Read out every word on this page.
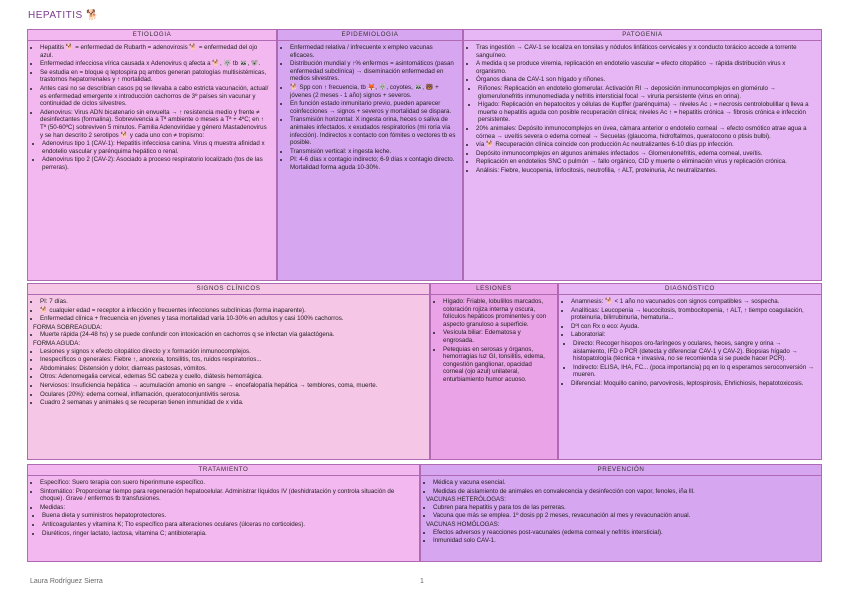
HEPATITIS 🐕
ETIOLOGIA
• Hepatitis 🐕 = enfermedad de Rubarth = adenovirosis 🐕 = enfermedad del ojo azul.
• Enfermedad infecciosa vírica causada x Adenovirus q afecta a 🐕, 🐺 tb 🦝, 🐨.
• Se estudia en = bloque q leptospira pq ambos generan patologías multisistémicas, trastornos hepatorrenales y ↑ mortalidad.
• Antes casi no se describían casos pq se llevaba a cabo estricta vacunación, actual/ es enfermedad emergente x introducción cachorros de 3º países sin vacunar y continuidad de ciclos silvestres.
• Adenovirus: Virus ADN bicatenario sin envuelta → ↑ resistencia medio y frente ≠ desinfectantes (formalina). Sobrevivencia a Tª ambiente o meses a Tª + 4ºC; en ↑ Tª (50-60ºC) sobreviven 5 minutos. Familia Adenoviridae y género Mastadenovirus y se han descrito 2 serotipos 🐕 y cada uno con ≠ tropismo:
• Adenovirus tipo 1 (CAV-1): Hepatitis infecciosa canina. Virus q muestra afinidad x endotelio vascular y parénquima hepático o renal.
• Adenovirus tipo 2 (CAV-2): Asociado a proceso respiratorio localizado (tos de las perreras).
EPIDEMIOLOGIA
• Enfermedad relativa / infrecuente x empleo vacunas eficaces.
• Distribución mundial y ↑% enfermos = asintomáticos (pasan enfermedad subclínica) → diseminación enfermedad en medios silvestres.
• 🐕 Spp con ↑ frecuencia, tb 🦊, 🐺, coyotes, 🦝, 🐻 + jóvenes (2 meses - 1 año) signos + severos.
• En función estado inmunitario previo, pueden aparecer coinfecciones → signos + severos y mortalidad se dispara.
• Transmisión horizontal: X ingesta orina, heces o saliva de animales infectados. x exudados respiratorios (mi roría vía infección). Indirectos x contacto con fómites o vectores tb es posible.
• Transmisión vertical: x ingesta leche.
• PI: 4-6 días x contagio indirecto; 6-9 días x contagio directo. Mortalidad forma aguda 10-30%.
PATOGENIA
• Tras ingestión → CAV-1 se localiza en tonsilas y nódulos linfáticos cervicales y x conducto torácico accede a torrente sanguíneo.
• A medida q se produce viremia, replicación en endotelio vascular = efecto citopático → rápida distribución virus x organismo.
• Órganos diana de CAV-1 son hígado y riñones.
• Riñones: Replicación en endotelio glomerular. Activación RI → deposición inmunocomplejos en glomérulo → glomerulonefritis inmunomediada y nefritis intersticial focal → viruria persistente (virus en orina).
• Hígado: Replicación en hepatocitos y células de Kupffer (parénquima) → niveles Ac ↓ = necrosis centrolobulillar q lleva a muerte o hepatitis aguda con posible recuperación clínica; niveles Ac ↑ = hepatitis crónica → fibrosis crónica e infección persistente.
• 20% animales: Depósito inmunocomplejos en úvea, cámara anterior o endotelio corneal → efecto osmótico atrae agua a córnea → uveítis severa o edema corneal → Secuelas (glaucoma, hidroftalmos, queratocono o ptisis bulbi).
• vía 🐕 Recuperación clínica coincide con producción Ac neutralizantes 6-10 días pp infección.
• Depósito inmunocomplejos en algunos animales infectados → Glomerulonefritis, edema corneal, uveítis.
• Replicación en endotelios SNC o pulmón → fallo orgánico, CID y muerte o eliminación virus y replicación crónica.
• Análisis: Fiebre, leucopenia, linfocitosis, neutrofilia, ↑ ALT, proteinuria, Ac neutralizantes.
SIGNOS CLÍNICOS
• PI: 7 días.
• 🐕 cualquier edad = receptor a infección y frecuentes infecciones subclínicas (forma inaparente).
• Enfermedad clínica + frecuencia en jóvenes y tasa mortalidad varía 10-30% en adultos y casi 100% cachorros.
FORMA SOBREAGUDA:
• Muerte rápida (24-48 hs) y se puede confundir con intoxicación en cachorros q se infectan vía galactógena.
FORMA AGUDA:
• Lesiones y signos x efecto citopático directo y x formación inmunocomplejos.
• Inespecíficos o generales: Fiebre ↑, anorexia, tonsilitis, tos, ruidos respiratorios...
• Abdominales: Distensión y dolor, diarreas pastosas, vómitos.
• Otros: Adenomegalia cervical, edemas SC cabeza y cuello, diátesis hemorrágica.
• Nerviosos: Insuficiencia hepática → acumulación amonio en sangre → encefalopatía hepática → temblores, coma, muerte.
• Oculares (20%): edema corneal, inflamación, queratoconjuntivitis serosa.
• Cuadro 2 semanas y animales q se recuperan tienen inmunidad de x vida.
LESIONES
• Hígado: Friable, lobulillos marcados, coloración rojiza interna y oscura, folículos hepáticos prominentes y con aspecto granuloso a superficie.
• Vesícula biliar: Edematosa y engrosada.
• Petequias en serosas y órganos, hemorragias luz GI, tonsilitis, edema, congestión ganglionar, opacidad corneal (ojo azul) unilateral, enturbiamiento humor acuoso.
DIAGNÓSTICO
• Anamnesis: 🐕 < 1 año no vacunados con signos compatibles → sospecha.
• Analíticas: Leucopenia → leucocitosis, trombocitopenia, ↑ ALT, ↑ tiempo coagulación, proteinuria, bilirrubinuria, hematuria...
• Dºl con Rx o eco: Ayuda.
• Laboratorial:
• Directo: Recoger hisopos oro-faríngeos y oculares, heces, sangre y orina → aislamiento, IFD o PCR (detecta y diferenciar CAV-1 y CAV-2). Biopsias hígado → histopatología (técnica + invasiva, no se recomienda si se puede hacer PCR).
• Indirecto: ELISA, IHA, FC... (poca importancia) pq en lo q esperamos seroconversión → mueren.
• Diferencial: Moquillo canino, parvovirosis, leptospirosis, Ehrlichiosis, hepatotoxicosis.
TRATAMIENTO
• Específico: Suero terapia con suero hiperinmune específico.
• Sintomático: Proporcionar tiempo para regeneración hepatocelular. Administrar líquidos IV (deshidratación y controla situación de choque). Grave / enfermos tb transfusiones.
• Medidas:
• Buena dieta y suministros hepatoprotectores.
• Anticoagulantes y vitamina K; Tto específico para alteraciones oculares (úlceras no corticoides).
• Diuréticos, ringer lactato, lactosa, vitamina C; antibioterapia.
PREVENCIÓN
• Médica y vacuna esencial.
• Medidas de aislamiento de animales en convalecencia y desinfección con vapor, fenoles, iña lll.
VACUNAS HETERÓLOGAS:
• Cubren para hepatitis y para tos de las perreras.
• Vacuna que más se emplea. 1º dosis pp 2 meses, revacunación al mes y revacunación anual.
VACUNAS HOMÓLOGAS:
• Efectos adversos y reacciones post-vacunales (edema corneal y nefritis intersticial).
• Inmunidad solo CAV-1.
Laura Rodríguez Sierra	1
